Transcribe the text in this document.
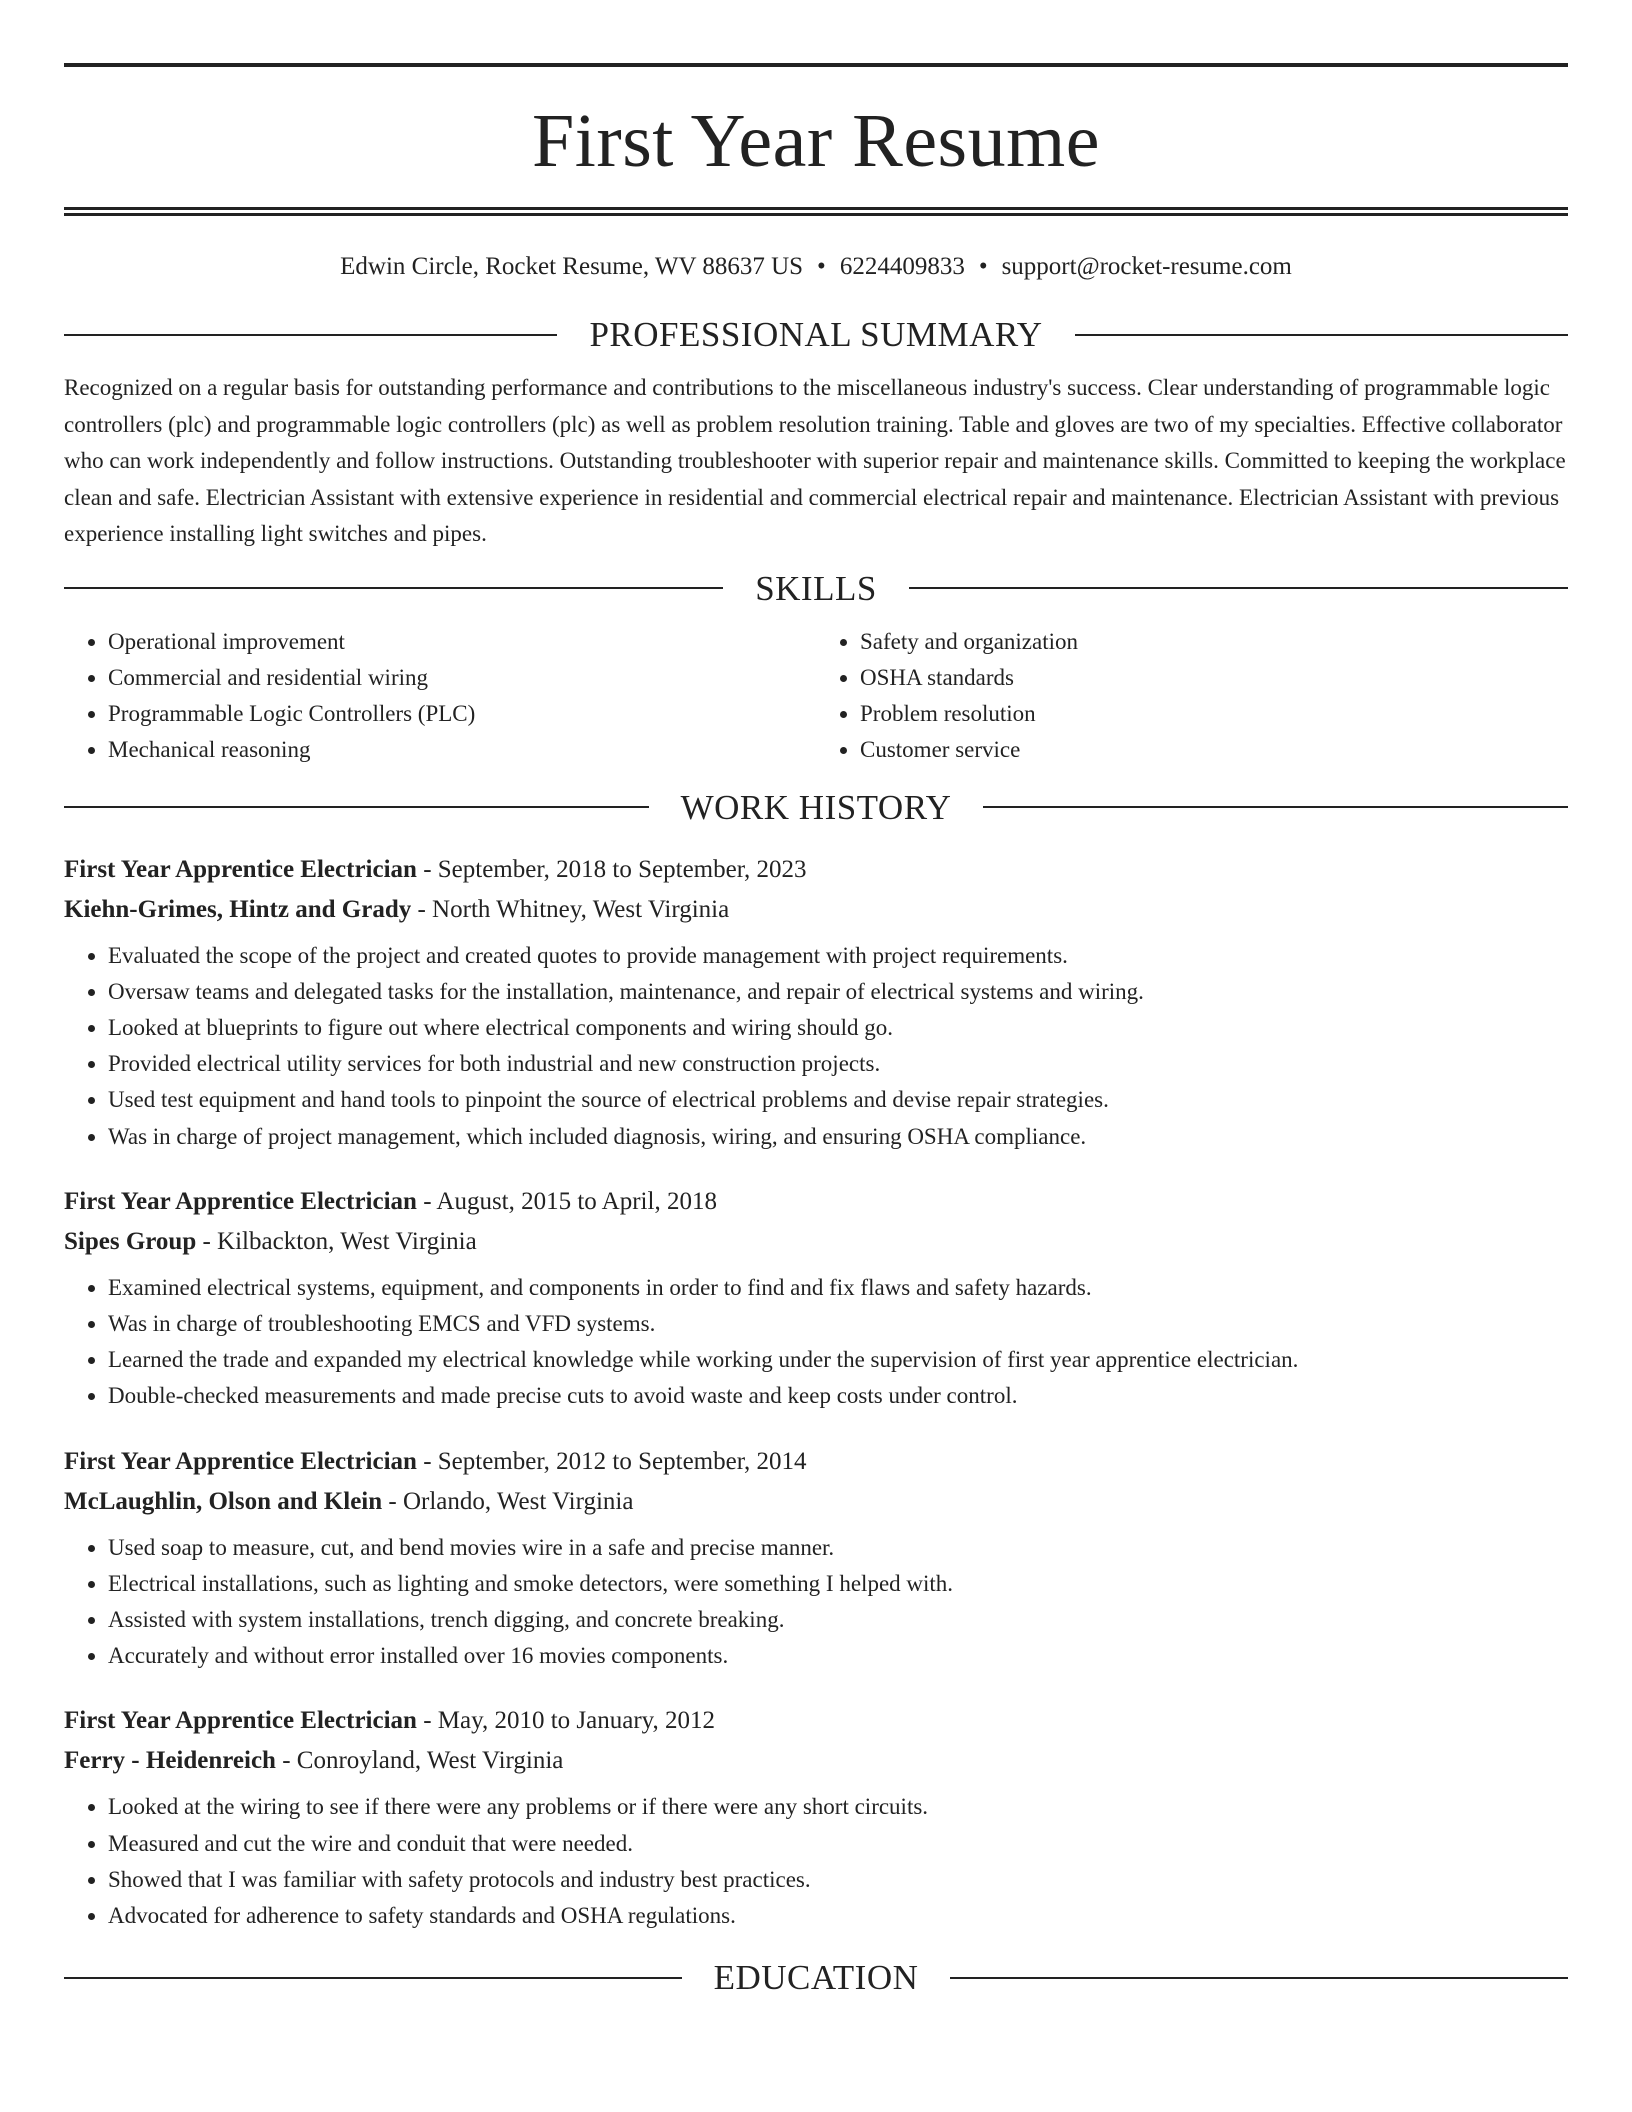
First Year Resume
Edwin Circle, Rocket Resume, WV 88637 US • 6224409833 • support@rocket-resume.com
PROFESSIONAL SUMMARY

Recognized on a regular basis for outstanding performance and contributions to the miscellaneous industry's success. Clear understanding of programmable logic controllers (plc) and programmable logic controllers (plc) as well as problem resolution training. Table and gloves are two of my specialties. Effective collaborator who can work independently and follow instructions. Outstanding troubleshooter with superior repair and maintenance skills. Committed to keeping the workplace clean and safe. Electrician Assistant with extensive experience in residential and commercial electrical repair and maintenance. Electrician Assistant with previous experience installing light switches and pipes.

SKILLS
• Operational improvement
• Commercial and residential wiring
• Programmable Logic Controllers (PLC)
• Mechanical reasoning
• Safety and organization
• OSHA standards
• Problem resolution
• Customer service
WORK HISTORY
First Year Apprentice Electrician - September, 2018 to September, 2023
Kiehn-Grimes, Hintz and Grady - North Whitney, West Virginia
• Evaluated the scope of the project and created quotes to provide management with project requirements.
• Oversaw teams and delegated tasks for the installation, maintenance, and repair of electrical systems and wiring.
• Looked at blueprints to figure out where electrical components and wiring should go.
• Provided electrical utility services for both industrial and new construction projects.
• Used test equipment and hand tools to pinpoint the source of electrical problems and devise repair strategies.
• Was in charge of project management, which included diagnosis, wiring, and ensuring OSHA compliance.
First Year Apprentice Electrician - August, 2015 to April, 2018
Sipes Group - Kilbackton, West Virginia
• Examined electrical systems, equipment, and components in order to find and fix flaws and safety hazards.
• Was in charge of troubleshooting EMCS and VFD systems.
• Learned the trade and expanded my electrical knowledge while working under the supervision of first year apprentice electrician.
• Double-checked measurements and made precise cuts to avoid waste and keep costs under control.
First Year Apprentice Electrician - September, 2012 to September, 2014
McLaughlin, Olson and Klein - Orlando, West Virginia
• Used soap to measure, cut, and bend movies wire in a safe and precise manner.
• Electrical installations, such as lighting and smoke detectors, were something I helped with.
• Assisted with system installations, trench digging, and concrete breaking.
• Accurately and without error installed over 16 movies components.
First Year Apprentice Electrician - May, 2010 to January, 2012
Ferry - Heidenreich - Conroyland, West Virginia
• Looked at the wiring to see if there were any problems or if there were any short circuits.
• Measured and cut the wire and conduit that were needed.
• Showed that I was familiar with safety protocols and industry best practices.
• Advocated for adherence to safety standards and OSHA regulations.
EDUCATION
